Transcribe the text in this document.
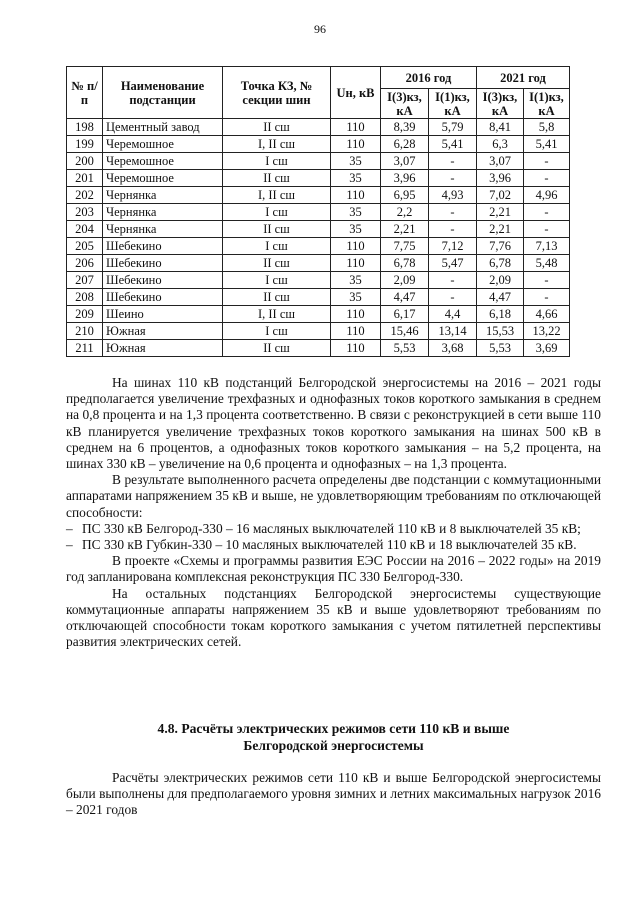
96
№ п/п	Наименование подстанции	Точка КЗ, № секции шин	Uн, кВ	2016 год		2021 год	
				I(3)кз, кА	I(1)кз, кА	I(3)кз, кА	I(1)кз, кА
198	Цементный завод	II сш	110	8,39	5,79	8,41	5,8
199	Черемошное	I, II сш	110	6,28	5,41	6,3	5,41
200	Черемошное	I сш	35	3,07	-	3,07	-
201	Черемошное	II сш	35	3,96	-	3,96	-
202	Чернянка	I, II сш	110	6,95	4,93	7,02	4,96
203	Чернянка	I сш	35	2,2	-	2,21	-
204	Чернянка	II сш	35	2,21	-	2,21	-
205	Шебекино	I сш	110	7,75	7,12	7,76	7,13
206	Шебекино	II сш	110	6,78	5,47	6,78	5,48
207	Шебекино	I сш	35	2,09	-	2,09	-
208	Шебекино	II сш	35	4,47	-	4,47	-
209	Шеино	I, II сш	110	6,17	4,4	6,18	4,66
210	Южная	I сш	110	15,46	13,14	15,53	13,22
211	Южная	II сш	110	5,53	3,68	5,53	3,69

На шинах 110 кВ подстанций Белгородской энергосистемы на 2016 – 2021 годы предполагается увеличение трехфазных и однофазных токов короткого замыкания в среднем на 0,8 процента и на 1,3 процента соответственно. В связи с реконструкцией в сети выше 110 кВ планируется увеличение трехфазных токов короткого замыкания на шинах 500 кВ в среднем на 6 процентов, а однофазных токов короткого замыкания – на 5,2 процента, на шинах 330 кВ – увеличение на 0,6 процента и однофазных – на 1,3 процента.

В результате выполненного расчета определены две подстанции с коммутационными аппаратами напряжением 35 кВ и выше, не удовлетворяющим требованиям по отключающей способности:

– ПС 330 кВ Белгород-330 – 16 масляных выключателей 110 кВ и 8 выключателей 35 кВ;
– ПС 330 кВ Губкин-330 – 10 масляных выключателей 110 кВ и 18 выключателей 35 кВ.

В проекте «Схемы и программы развития ЕЭС России на 2016 – 2022 годы» на 2019 год запланирована комплексная реконструкция ПС 330 Белгород-330.

На остальных подстанциях Белгородской энергосистемы существующие коммутационные аппараты напряжением 35 кВ и выше удовлетворяют требованиям по отключающей способности токам короткого замыкания с учетом пятилетней перспективы развития электрических сетей.

4.8. Расчёты электрических режимов сети 110 кВ и выше
Белгородской энергосистемы

Расчёты электрических режимов сети 110 кВ и выше Белгородской энергосистемы были выполнены для предполагаемого уровня зимних и летних максимальных нагрузок 2016 – 2021 годов
